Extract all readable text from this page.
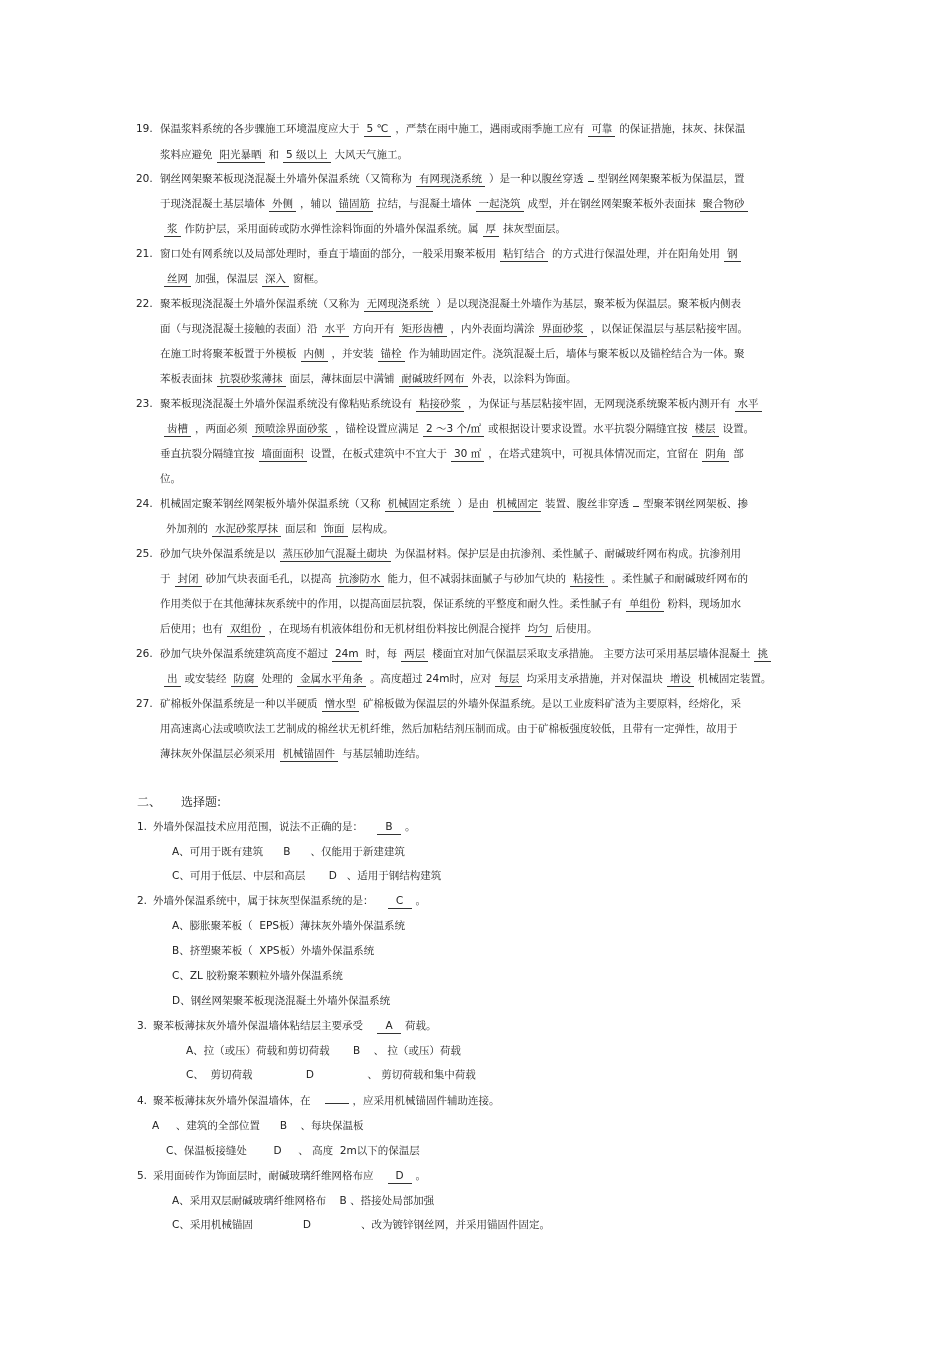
19. 保温浆料系统的各步骤施工环境温度应大于 5 ℃ ，严禁在雨中施工，遇雨或雨季施工应有 可靠 的保证措施，抹灰、抹保温
浆料应避免 阳光暴晒 和 5 级以上 大风天气施工。
20. 钢丝网架聚苯板现浇混凝土外墙外保温系统（又简称为 有网现浇系统 ）是一种以腹丝穿透 型钢丝网架聚苯板为保温层，置
于现浇混凝土基层墙体 外侧 ，辅以 锚固筋 拉结，与混凝土墙体 一起浇筑 成型，并在钢丝网架聚苯板外表面抹 聚合物砂
浆 作防护层，采用面砖或防水弹性涂料饰面的外墙外保温系统。属 厚 抹灰型面层。
21. 窗口处有网系统以及局部处理时，垂直于墙面的部分，一般采用聚苯板用 粘钉结合 的方式进行保温处理，并在阳角处用 钢
丝网 加强，保温层 深入 窗框。
22. 聚苯板现浇混凝土外墙外保温系统（又称为 无网现浇系统 ）是以现浇混凝土外墙作为基层，聚苯板为保温层。聚苯板内侧表
面（与现浇混凝土接触的表面）沿 水平 方向开有 矩形齿槽 ，内外表面均满涂 界面砂浆 ，以保证保温层与基层粘接牢固。
在施工时将聚苯板置于外模板 内侧 ，并安装 锚栓 作为辅助固定件。浇筑混凝土后，墙体与聚苯板以及锚栓结合为一体。聚
苯板表面抹 抗裂砂浆薄抹 面层，薄抹面层中满铺 耐碱玻纤网布 外表，以涂料为饰面。
23. 聚苯板现浇混凝土外墙外保温系统没有像粘贴系统设有 粘接砂浆 ，为保证与基层粘接牢固，无网现浇系统聚苯板内测开有 水平
齿槽 ，两面必须 预喷涂界面砂浆 ，锚栓设置应满足 2 ～3 个/㎡ 或根据设计要求设置。水平抗裂分隔缝宜按 楼层 设置。
垂直抗裂分隔缝宜按 墙面面积 设置，在板式建筑中不宜大于 30 ㎡ ，在塔式建筑中，可视具体情况而定，宜留在 阴角 部
位。
24. 机械固定聚苯钢丝网架板外墙外保温系统（又称 机械固定系统 ）是由 机械固定 装置、腹丝非穿透 型聚苯钢丝网架板、掺
外加剂的 水泥砂浆厚抹 面层和 饰面 层构成。
25. 砂加气块外保温系统是以 蒸压砂加气混凝土砌块 为保温材料。保护层是由抗渗剂、柔性腻子、耐碱玻纤网布构成。抗渗剂用
于 封闭 砂加气块表面毛孔，以提高 抗渗防水 能力，但不减弱抹面腻子与砂加气块的 粘接性 。柔性腻子和耐碱玻纤网布的
作用类似于在其他薄抹灰系统中的作用，以提高面层抗裂，保证系统的平整度和耐久性。柔性腻子有 单组份 粉料，现场加水
后使用；也有 双组份 ，在现场有机液体组份和无机材组份料按比例混合搅拌 均匀 后使用。
26. 砂加气块外保温系统建筑高度不超过 24m 时，每 两层 楼面宜对加气保温层采取支承措施。 主要方法可采用基层墙体混凝土 挑
出 或安装经 防腐 处理的 金属水平角条 。高度超过 24m时，应对 每层 均采用支承措施，并对保温块 增设 机械固定装置。
27. 矿棉板外保温系统是一种以半硬质 憎水型 矿棉板做为保温层的外墙外保温系统。是以工业废料矿渣为主要原料，经熔化，采
用高速离心法或喷吹法工艺制成的棉丝状无机纤维，然后加粘结剂压制而成。由于矿棉板强度较低，且带有一定弹性，故用于
薄抹灰外保温层必须采用 机械锚固件 与基层辅助连结。
二、 选择题:
1. 外墙外保温技术应用范围，说法不正确的是： B 。
A、可用于既有建筑      B      、仅能用于新建建筑
C、可用于低层、中层和高层       D   、适用于钢结构建筑
2. 外墙外保温系统中，属于抹灰型保温系统的是： C 。
A、膨胀聚苯板（  EPS板）薄抹灰外墙外保温系统
B、挤塑聚苯板（  XPS板）外墙外保温系统
C、ZL 胶粉聚苯颗粒外墙外保温系统
D、钢丝网架聚苯板现浇混凝土外墙外保温系统
3. 聚苯板薄抹灰外墙外保温墙体粘结层主要承受 A 荷载。
A、拉（或压）荷载和剪切荷载       B    、 拉（或压）荷载
C、  剪切荷载                D                、 剪切荷载和集中荷载
4. 聚苯板薄抹灰外墙外保温墙体，在	，应采用机械锚固件辅助连接。
A     、建筑的全部位置      B    、每块保温板
C、保温板接缝处        D     、 高度  2m以下的保温层
5. 采用面砖作为饰面层时，耐碱玻璃纤维网格布应 D 。
A、采用双层耐碱玻璃纤维网格布    B 、搭接处局部加强
C、采用机械锚固               D               、改为镀锌钢丝网，并采用锚固件固定。
